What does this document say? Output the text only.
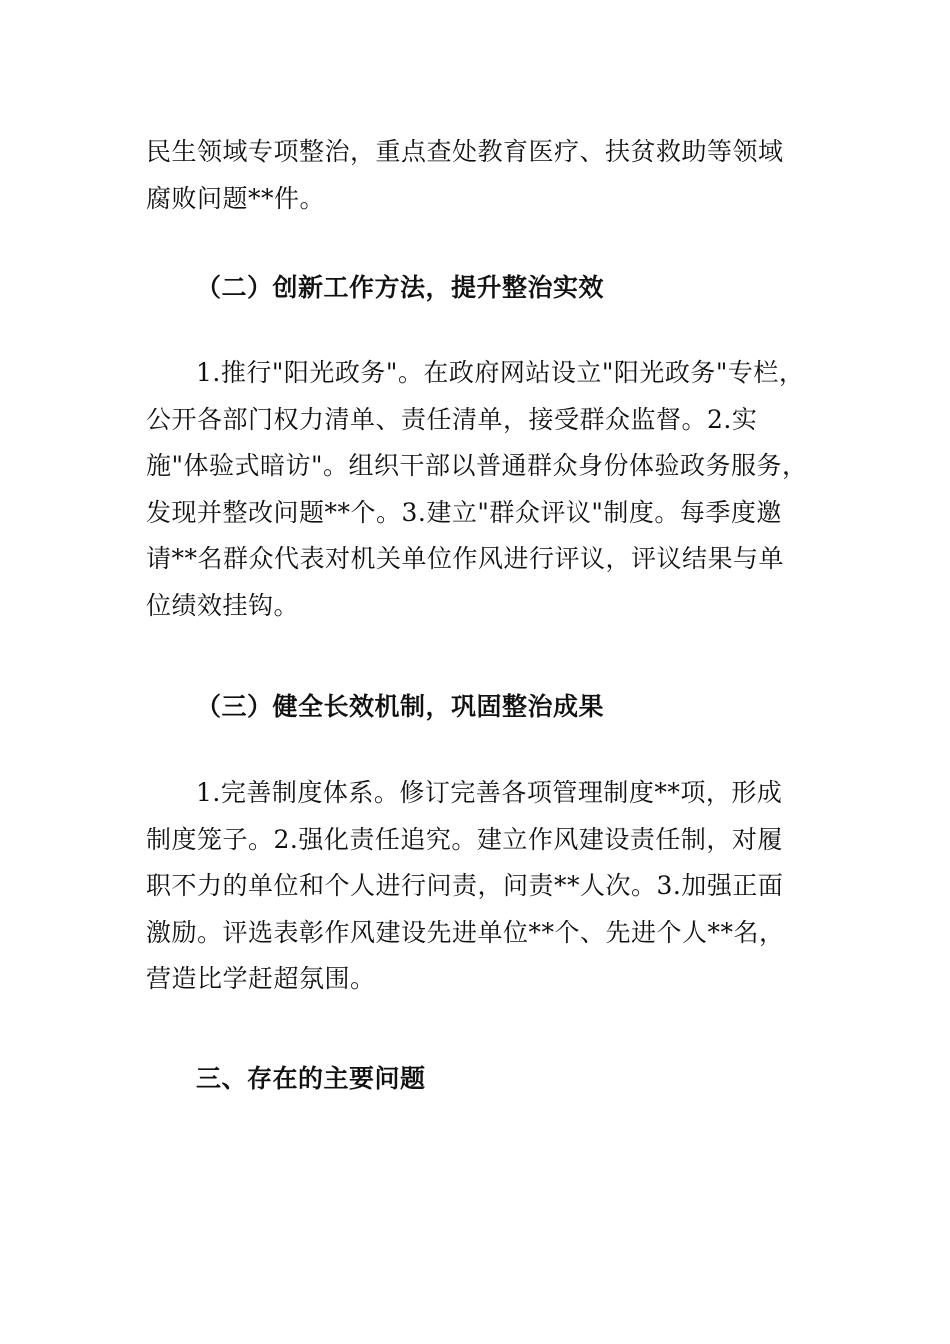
民生领域专项整治，重点查处教育医疗、扶贫救助等领域
腐败问题**件。

（二）创新工作方法，提升整治实效

1.推行"阳光政务"。在政府网站设立"阳光政务"专栏，
公开各部门权力清单、责任清单，接受群众监督。2.实
施"体验式暗访"。组织干部以普通群众身份体验政务服务，
发现并整改问题**个。3.建立"群众评议"制度。每季度邀
请**名群众代表对机关单位作风进行评议，评议结果与单
位绩效挂钩。

（三）健全长效机制，巩固整治成果

1.完善制度体系。修订完善各项管理制度**项，形成
制度笼子。2.强化责任追究。建立作风建设责任制，对履
职不力的单位和个人进行问责，问责**人次。3.加强正面
激励。评选表彰作风建设先进单位**个、先进个人**名，
营造比学赶超氛围。

三、存在的主要问题
